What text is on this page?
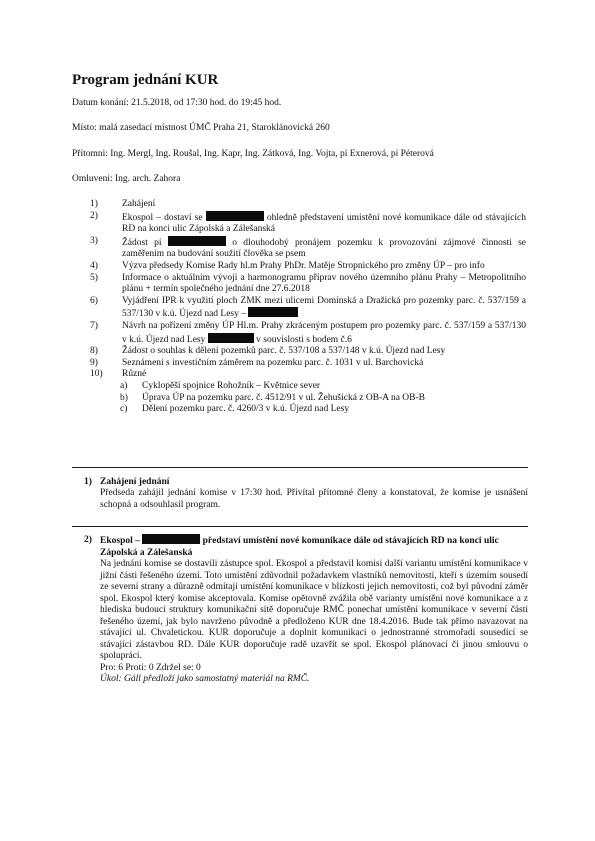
Program jednání KUR
Datum konání: 21.5.2018, od 17:30 hod. do 19:45 hod.
Místo: malá zasedací místnost ÚMČ Praha 21, Staroklánovická 260
Přítomni: Ing. Mergl, Ing. Roušal, Ing. Kapr, Ing. Zátková, Ing. Vojta, pí Exnerová, pí Péterová
Omluveni: Ing. arch. Zahora
1)	Zahájení
2)	Ekospol – dostaví se	ohledně představení umístění nové komunikace dále od stávajících RD na konci ulic Zápolská a Zálešanská
3)	Žádost pí	o dlouhodobý pronájem pozemku k provozování zájmové činnosti se zaměřením na budování soužití člověka se psem
4)	Výzva předsedy Komise Rady hl.m Prahy PhDr. Matěje Stropnického pro změny ÚP – pro info
5)	Informace o aktuálním vývoji a harmonogramu příprav nového územního plánu Prahy – Metropolitního plánu + termín společného jednání dne 27.6.2018
6)	Vyjádření IPR k využití ploch ZMK mezi ulicemi Domínská a Dražická pro pozemky parc. č. 537/159 a 537/130 v k.ú. Újezd nad Lesy –
7)	Návrh na pořízení změny ÚP Hl.m. Prahy zkráceným postupem pro pozemky parc. č. 537/159 a 537/130 v k.ú. Újezd nad Lesy	v souvislosti s bodem č.6
8)	Žádost o souhlas k dělení pozemků parc. č. 537/108 a 537/148 v k.ú. Újezd nad Lesy
9)	Seznámení s investičním záměrem na pozemku parc. č. 1031 v ul. Barchovická
10) Různé
a) Cyklopěší spojnice Rohožník – Květnice sever
b) Úprava ÚP na pozemku parc. č. 4512/91 v ul. Žehušická z OB-A na OB-B
c) Dělení pozemku parc. č. 4260/3 v k.ú. Újezd nad Lesy
1) Zahájení jednání
Předseda zahájil jednání komise v 17:30 hod. Přivítal přítomné členy a konstatoval, že komise je usnášení schopná a odsouhlasil program.
2) Ekospol –	představí umístění nové komunikace dále od stávajících RD na konci ulic Zápolská a Zálešanská
Na jednání komise se dostavili zástupce spol. Ekospol a představil komisi další variantu umístění komunikace v jižní části řešeného území. Toto umístění zdůvodnil požadavkem vlastníků nemovitostí, kteří s územím sousedí ze severní strany a důrazně odmítají umístění komunikace v blízkosti jejich nemovitostí, což byl původní záměr spol. Ekospol který komise akceptovala. Komise opětovně zvážila obě varianty umístění nové komunikace a z hlediska budoucí struktury komunikační sítě doporučuje RMČ ponechat umístění komunikace v severní části řešeného území, jak bylo navrženo původně a předloženo KUR dne 18.4.2016. Bude tak přímo navazovat na stávající ul. Chvaletickou. KUR doporučuje a doplnit komunikaci o jednostranné stromořadí sousedící se stávající zástavbou RD. Dále KUR doporučuje radě uzavřít se spol. Ekospol plánovací či jinou smlouvu o spolupráci.
Pro: 6 Proti: 0 Zdržel se: 0
Úkol: Gáll předloží jako samostatný materiál na RMČ.
